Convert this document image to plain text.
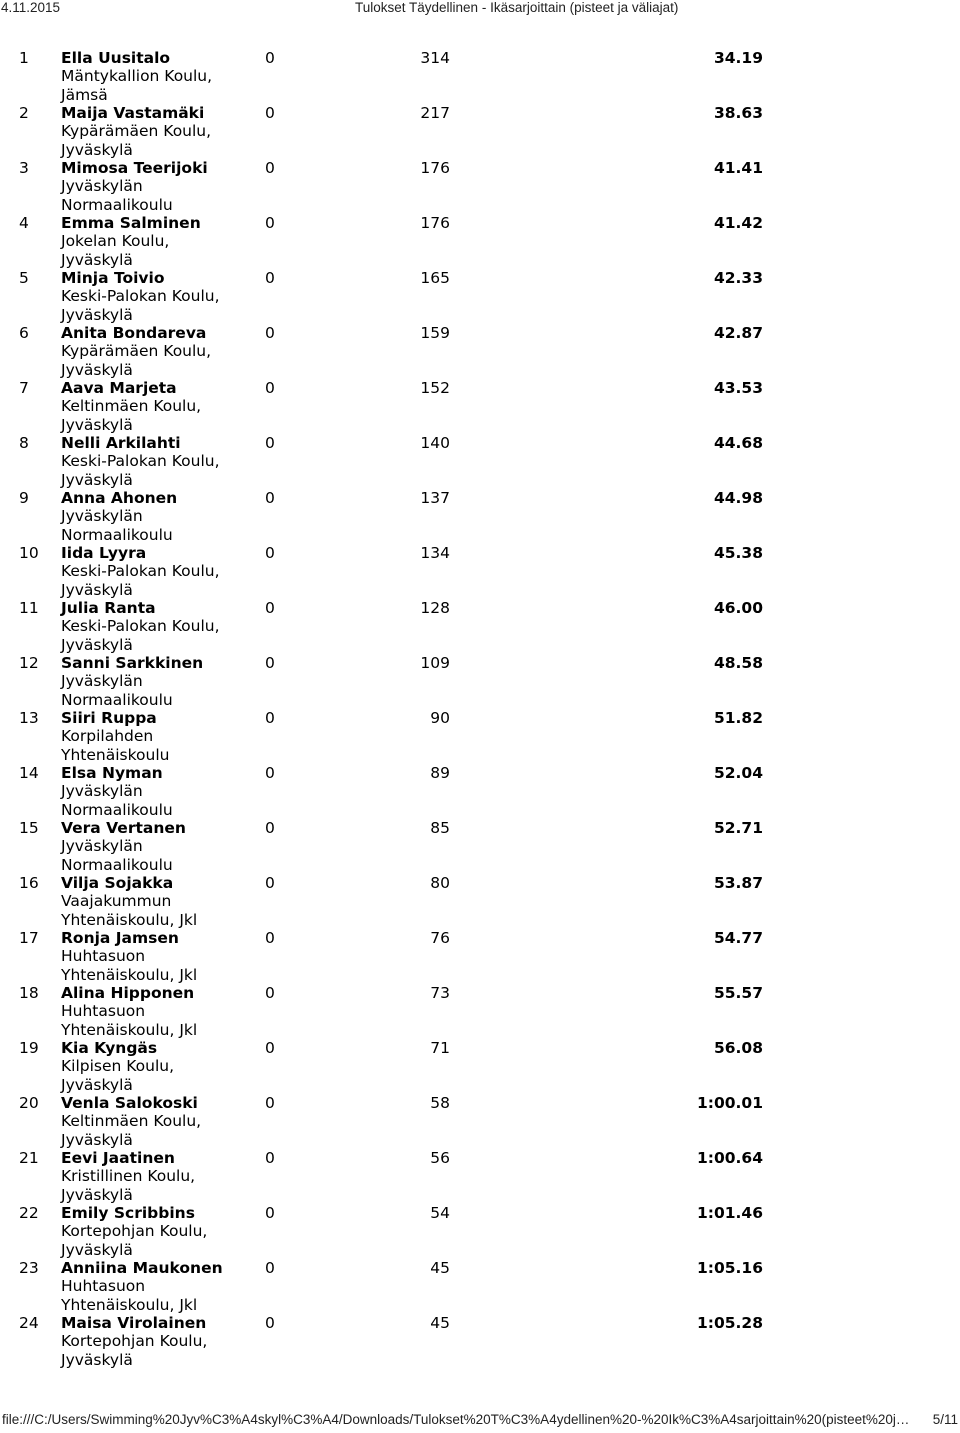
4.11.2015	Tulokset Täydellinen - Ikäsarjoittain (pisteet ja väliajat)
1 Ella Uusitalo
Mäntykallion Koulu, Jämsä
0	314	34.19
2 Maija Vastamäki
Kypärämäen Koulu, Jyväskylä
0	217	38.63
3 Mimosa Teerijoki
Jyväskylän Normaalikoulu
0	176	41.41
4 Emma Salminen
Jokelan Koulu, Jyväskylä
0	176	41.42
5 Minja Toivio
Keski-Palokan Koulu, Jyväskylä
0	165	42.33
6 Anita Bondareva
Kypärämäen Koulu, Jyväskylä
0	159	42.87
7 Aava Marjeta
Keltinmäen Koulu, Jyväskylä
0	152	43.53
8 Nelli Arkilahti
Keski-Palokan Koulu, Jyväskylä
0	140	44.68
9 Anna Ahonen
Jyväskylän Normaalikoulu
0	137	44.98
10 Iida Lyyra
Keski-Palokan Koulu, Jyväskylä
0	134	45.38
11 Julia Ranta
Keski-Palokan Koulu, Jyväskylä
0	128	46.00
12 Sanni Sarkkinen
Jyväskylän Normaalikoulu
0	109	48.58
13 Siiri Ruppa
Korpilahden Yhtenäiskoulu
0	90	51.82
14 Elsa Nyman
Jyväskylän Normaalikoulu
0	89	52.04
15 Vera Vertanen
Jyväskylän Normaalikoulu
0	85	52.71
16 Vilja Sojakka
Vaajakummun Yhtenäiskoulu, Jkl
0	80	53.87
17 Ronja Jamsen
Huhtasuon Yhtenäiskoulu, Jkl
0	76	54.77
18 Alina Hipponen
Huhtasuon Yhtenäiskoulu, Jkl
0	73	55.57
19 Kia Kyngäs
Kilpisen Koulu, Jyväskylä
0	71	56.08
20 Venla Salokoski
Keltinmäen Koulu, Jyväskylä
0	58	1:00.01
21 Eevi Jaatinen
Kristillinen Koulu, Jyväskylä
0	56	1:00.64
22 Emily Scribbins
Kortepohjan Koulu, Jyväskylä
0	54	1:01.46
23 Anniina Maukonen
Huhtasuon Yhtenäiskoulu, Jkl
0	45	1:05.16
24 Maisa Virolainen
Kortepohjan Koulu, Jyväskylä
0	45	1:05.28
file:///C:/Users/Swimming%20Jyv%C3%A4skyl%C3%A4/Downloads/Tulokset%20T%C3%A4ydellinen%20-%20Ik%C3%A4sarjoittain%20(pisteet%20j…	5/11
